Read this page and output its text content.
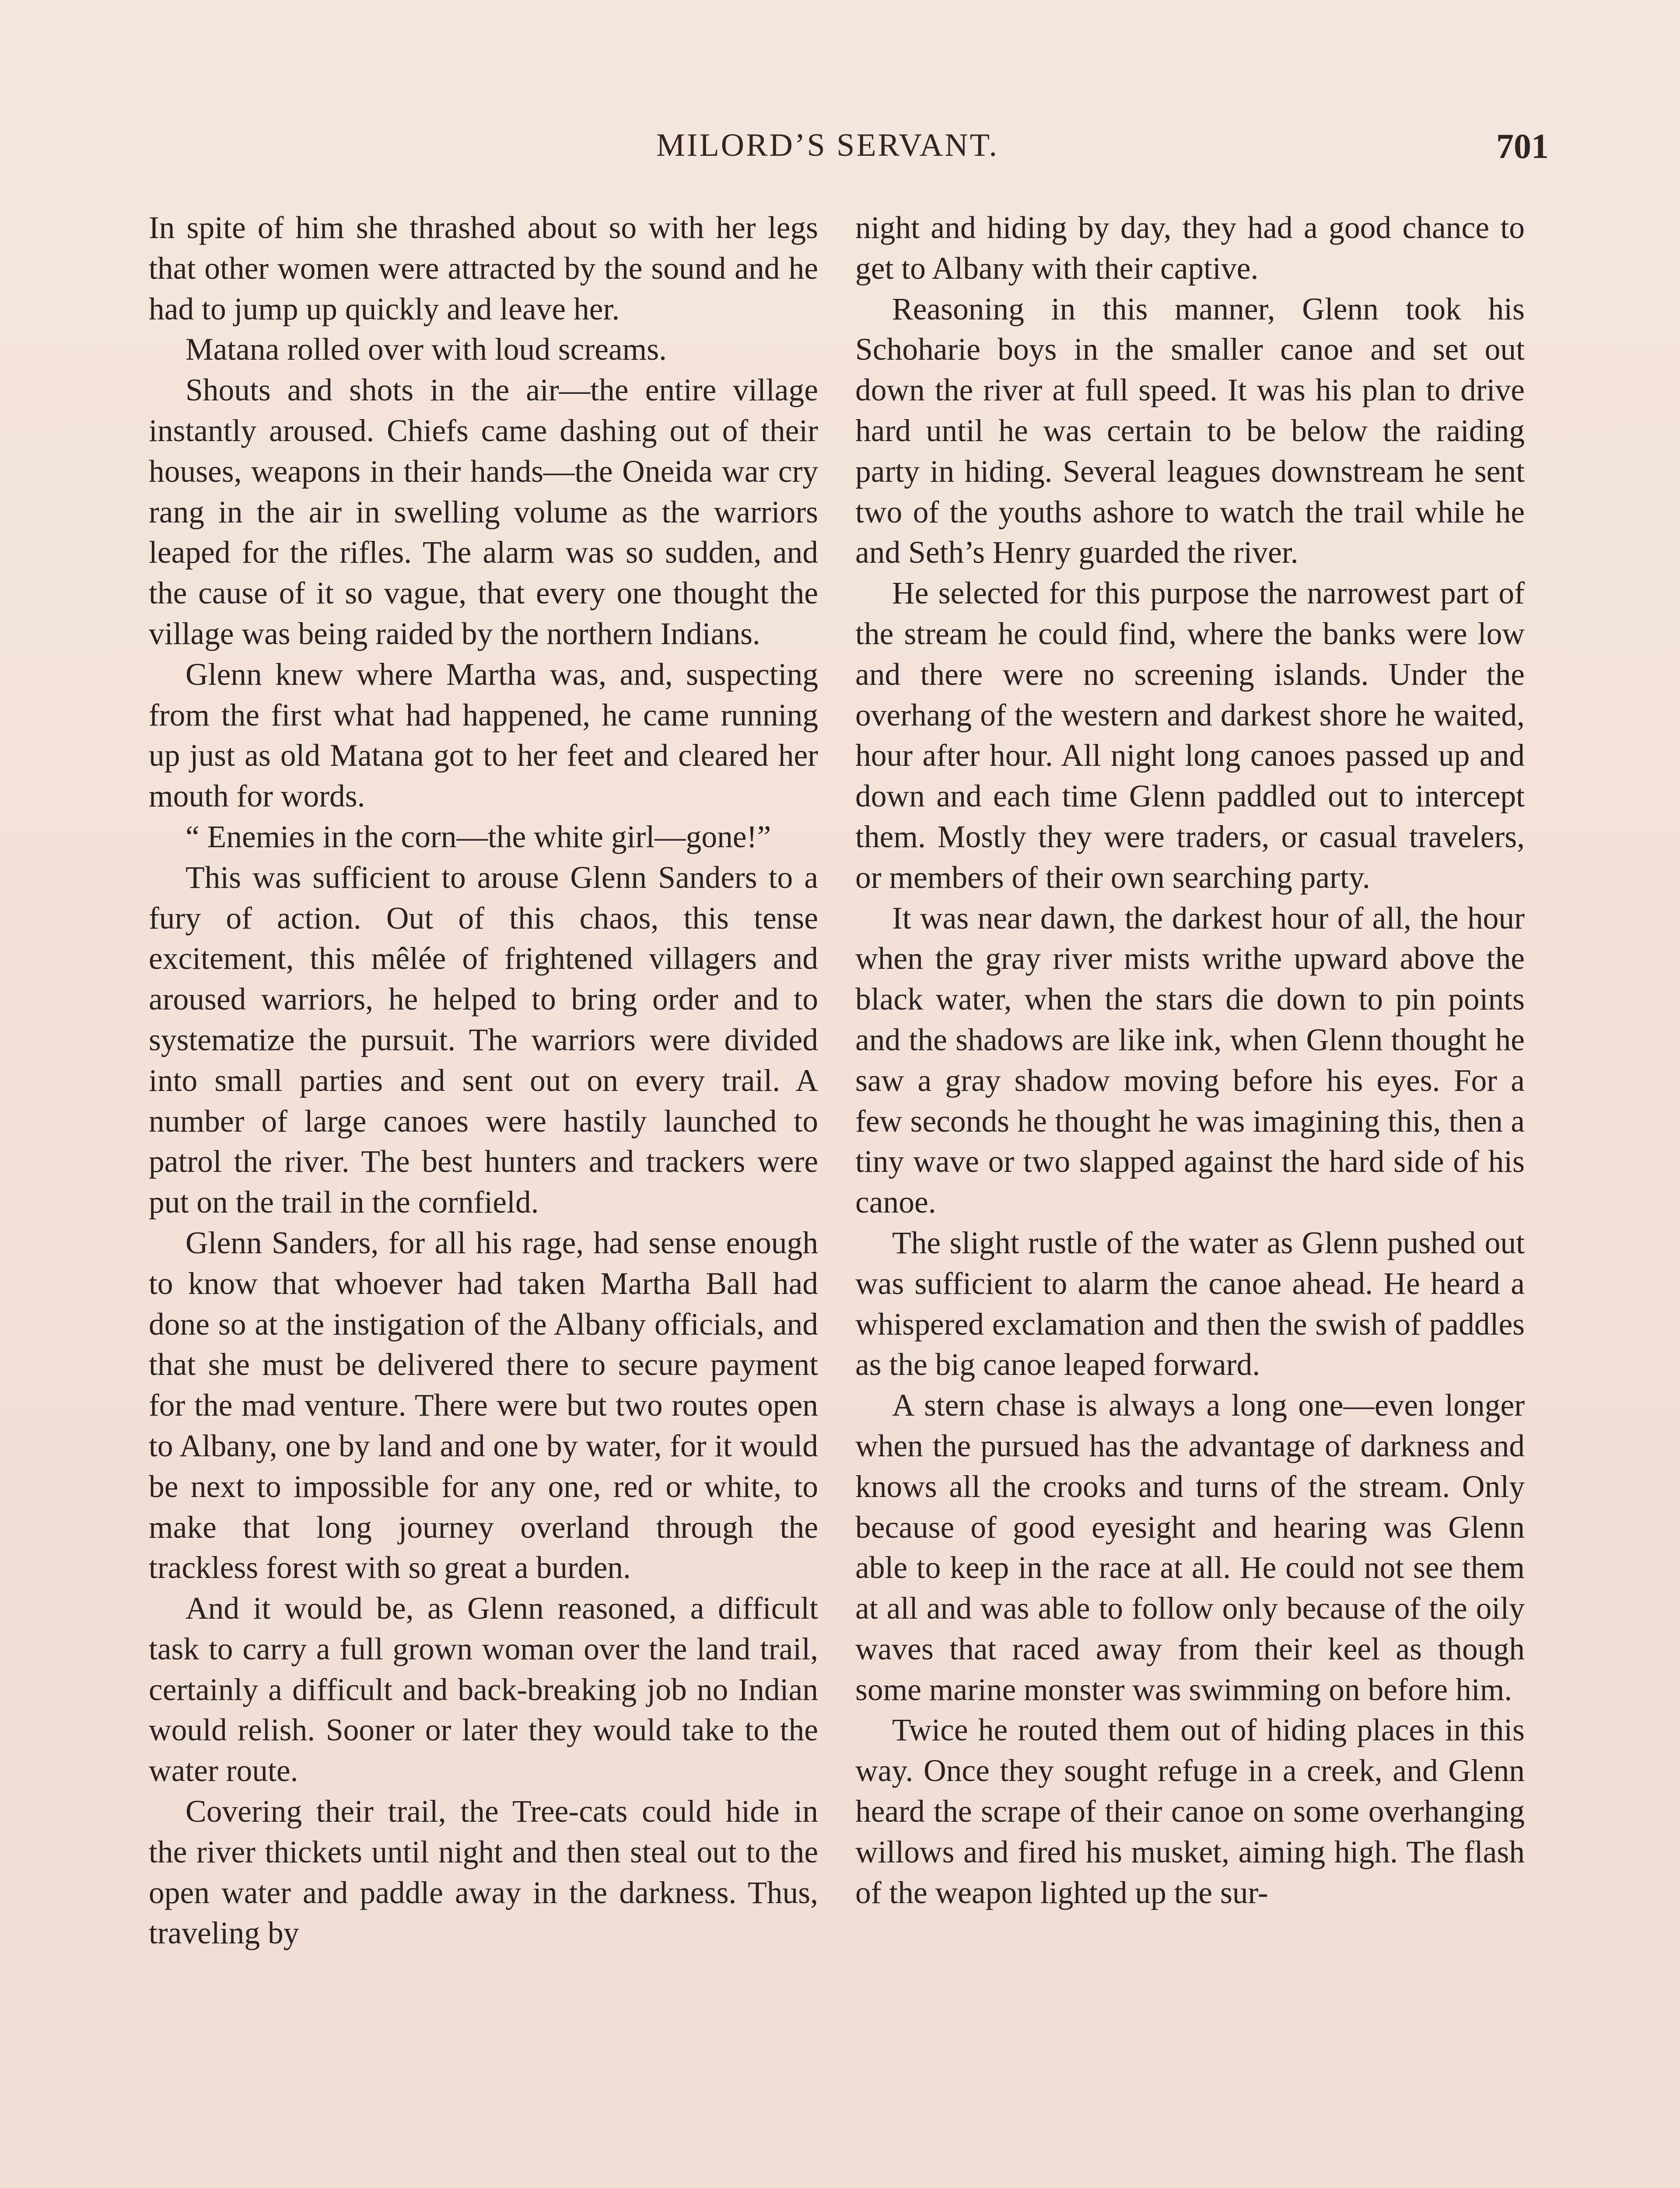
MILORD’S SERVANT.	701

In spite of him she thrashed about so with her legs that other women were attracted by the sound and he had to jump up quickly and leave her.

Matana rolled over with loud screams.

Shouts and shots in the air—the entire village instantly aroused. Chiefs came dashing out of their houses, weapons in their hands—the Oneida war cry rang in the air in swelling volume as the warriors leaped for the rifles. The alarm was so sudden, and the cause of it so vague, that every one thought the village was being raided by the northern Indians.

Glenn knew where Martha was, and, suspecting from the first what had happened, he came running up just as old Matana got to her feet and cleared her mouth for words.

“ Enemies in the corn—the white girl—gone!”

This was sufficient to arouse Glenn Sanders to a fury of action. Out of this chaos, this tense excitement, this mêlée of frightened villagers and aroused warriors, he helped to bring order and to systematize the pursuit. The warriors were divided into small parties and sent out on every trail. A number of large canoes were hastily launched to patrol the river. The best hunters and trackers were put on the trail in the cornfield.

Glenn Sanders, for all his rage, had sense enough to know that whoever had taken Martha Ball had done so at the instigation of the Albany officials, and that she must be delivered there to secure payment for the mad venture. There were but two routes open to Albany, one by land and one by water, for it would be next to impossible for any one, red or white, to make that long journey overland through the trackless forest with so great a burden.

And it would be, as Glenn reasoned, a difficult task to carry a full grown woman over the land trail, certainly a difficult and back-breaking job no Indian would relish. Sooner or later they would take to the water route.

Covering their trail, the Tree-cats could hide in the river thickets until night and then steal out to the open water and paddle away in the darkness. Thus, traveling by

night and hiding by day, they had a good chance to get to Albany with their captive.

Reasoning in this manner, Glenn took his Schoharie boys in the smaller canoe and set out down the river at full speed. It was his plan to drive hard until he was certain to be below the raiding party in hiding. Several leagues downstream he sent two of the youths ashore to watch the trail while he and Seth’s Henry guarded the river.

He selected for this purpose the narrowest part of the stream he could find, where the banks were low and there were no screening islands. Under the overhang of the western and darkest shore he waited, hour after hour. All night long canoes passed up and down and each time Glenn paddled out to intercept them. Mostly they were traders, or casual travelers, or members of their own searching party.

It was near dawn, the darkest hour of all, the hour when the gray river mists writhe upward above the black water, when the stars die down to pin points and the shadows are like ink, when Glenn thought he saw a gray shadow moving before his eyes. For a few seconds he thought he was imagining this, then a tiny wave or two slapped against the hard side of his canoe.

The slight rustle of the water as Glenn pushed out was sufficient to alarm the canoe ahead. He heard a whispered exclamation and then the swish of paddles as the big canoe leaped forward.

A stern chase is always a long one—even longer when the pursued has the advantage of darkness and knows all the crooks and turns of the stream. Only because of good eyesight and hearing was Glenn able to keep in the race at all. He could not see them at all and was able to follow only because of the oily waves that raced away from their keel as though some marine monster was swimming on before him.

Twice he routed them out of hiding places in this way. Once they sought refuge in a creek, and Glenn heard the scrape of their canoe on some overhanging willows and fired his musket, aiming high. The flash of the weapon lighted up the sur-
